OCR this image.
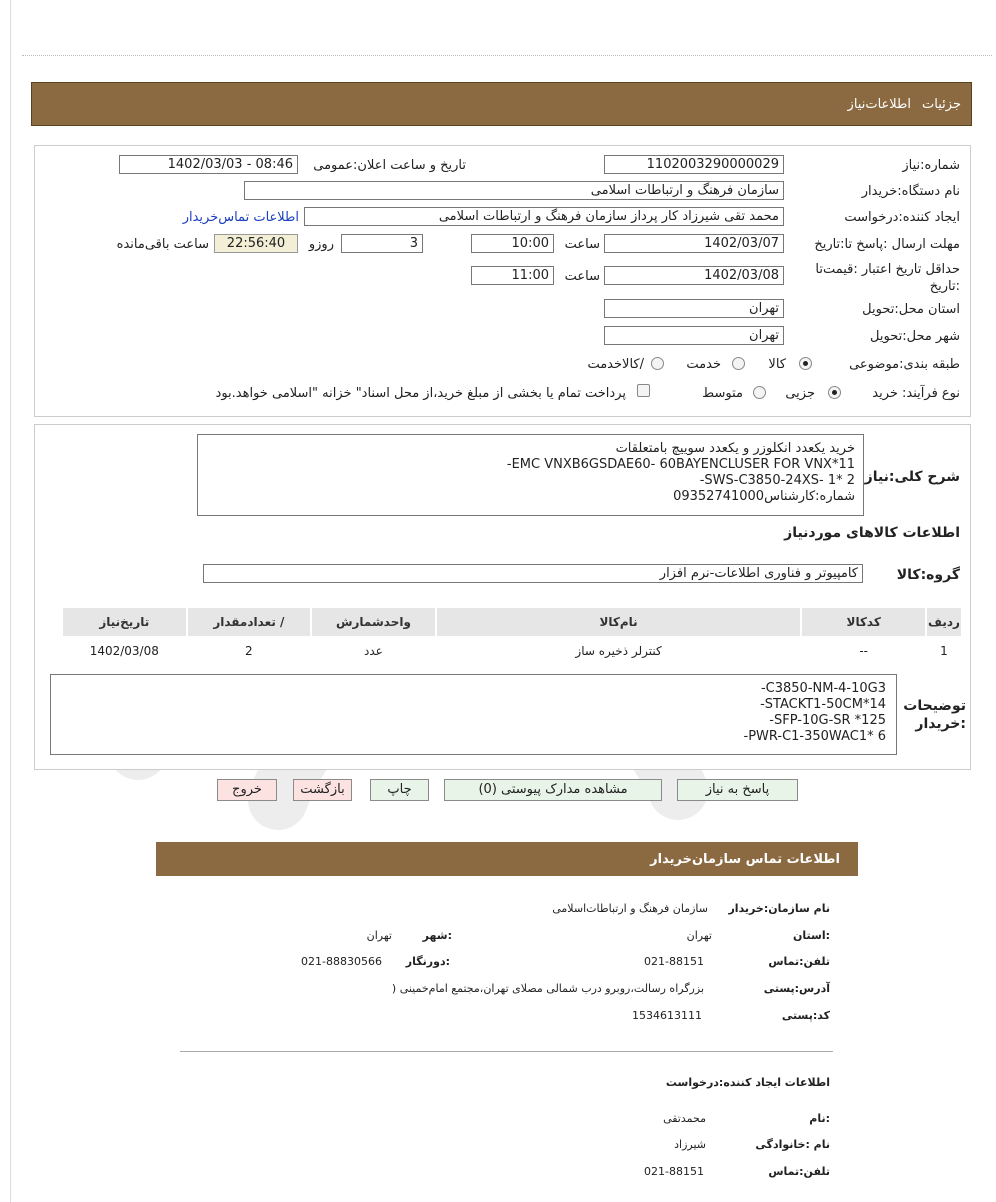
جزئیات
اطلاعات‌نیاز
شماره:نیاز
1102003290000029
تاریخ و ساعت اعلان:عمومی
1402/03/03 - 08:46
نام دستگاه:خریدار
سازمان فرهنگ و ارتباطات اسلامی
ایجاد کننده:درخواست
محمد تقی شیرزاد کار پرداز سازمان فرهنگ و ارتباطات اسلامی
اطلاعات تماس‌خریدار
مهلت ارسال :پاسخ تا:تاریخ
1402/03/07
ساعت
10:00
3
روزو
22:56:40
ساعت باقی‌مانده
حداقل تاریخ اعتبار :قیمت‌تا
:تاریخ
1402/03/08
ساعت
11:00
استان محل:تحویل
تهران
شهر محل:تحویل
تهران
طبقه بندی:موضوعی
کالا
خدمت
/کالاخدمت
نوع فرآیند: خرید
جزیی
متوسط
پرداخت تمام یا بخشی از مبلغ خرید،از محل اسناد" خزانه "اسلامی خواهد.بود
شرح کلی:نیاز
خرید یکعدد انکلوزر و یکعدد سوییچ بامتعلقات
EMC VNXB6GSDAE60- 60BAYENCLUSER FOR VNX*11-
SWS-C3850-24XS- 1* 2-
شماره:کارشناس09352741000
اطلاعات کالاهای موردنیاز
گروه:کالا
کامپیوتر و فناوری اطلاعات-نرم افزار
ردیف	کدکالا	نام‌کالا	واحدشمارش	/ تعدادمقدار	تاریخ‌نیاز
1	--	کنترلر ذخیره ساز	عدد	2	1402/03/08
توضیحات
:خریدار
C3850-NM-4-10G3-
STACKT1-50CM*14-
SFP-10G-SR *125-
PWR-C1-350WAC1* 6-
پاسخ به نیاز
مشاهده مدارک پیوستی (0)
چاپ
بازگشت
خروج
اطلاعات تماس سازمان‌خریدار
نام سازمان:خریدار
سازمان فرهنگ و ارتباطات‌اسلامی
:استان
تهران
:شهر
تهران
تلفن:تماس
021-88151
:دورنگار
021-88830566
آدرس:پستی
بزرگراه رسالت،روبرو درب شمالی مصلای تهران،مجتمع امام‌خمینی (
کد:پستی
1534613111
اطلاعات ایجاد کننده:درخواست
:نام
محمدتقی
نام :خانوادگی
شیرزاد
تلفن:تماس
021-88151
